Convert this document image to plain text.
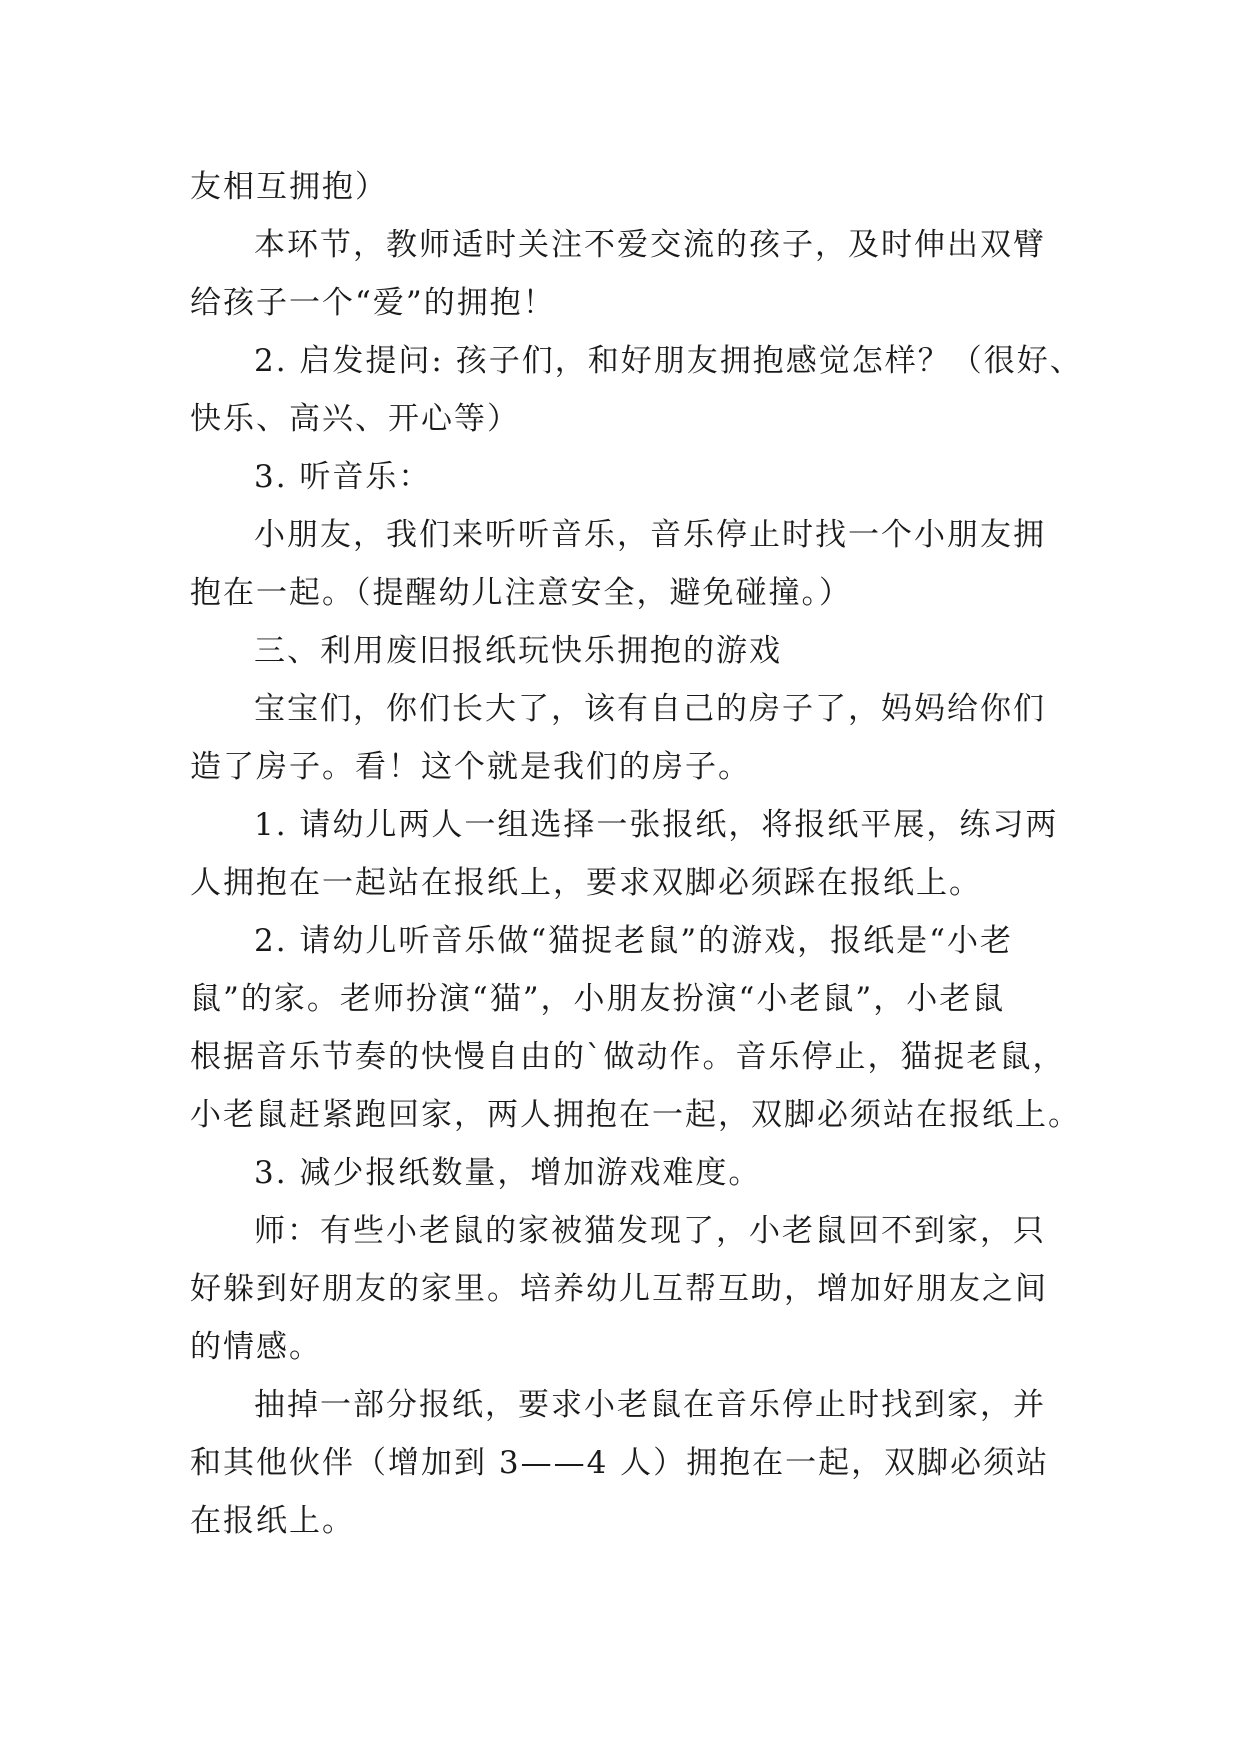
友相互拥抱）
本环节，教师适时关注不爱交流的孩子，及时伸出双臂
给孩子一个“爱”的拥抱！
2. 启发提问: 孩子们，和好朋友拥抱感觉怎样？（很好、
快乐、高兴、开心等）
3. 听音乐：
小朋友，我们来听听音乐，音乐停止时找一个小朋友拥
抱在一起。（提醒幼儿注意安全，避免碰撞。）
三、利用废旧报纸玩快乐拥抱的游戏
宝宝们，你们长大了，该有自己的房子了，妈妈给你们
造了房子。看！这个就是我们的房子。
1. 请幼儿两人一组选择一张报纸，将报纸平展，练习两
人拥抱在一起站在报纸上，要求双脚必须踩在报纸上。
2. 请幼儿听音乐做“猫捉老鼠”的游戏，报纸是“小老
鼠”的家。老师扮演“猫”，小朋友扮演“小老鼠”，小老鼠
根据音乐节奏的快慢自由的`做动作。音乐停止，猫捉老鼠，
小老鼠赶紧跑回家，两人拥抱在一起，双脚必须站在报纸上。
3. 减少报纸数量，增加游戏难度。
师：有些小老鼠的家被猫发现了，小老鼠回不到家，只
好躲到好朋友的家里。培养幼儿互帮互助，增加好朋友之间
的情感。
抽掉一部分报纸，要求小老鼠在音乐停止时找到家，并
和其他伙伴（增加到 3——4 人）拥抱在一起，双脚必须站
在报纸上。
